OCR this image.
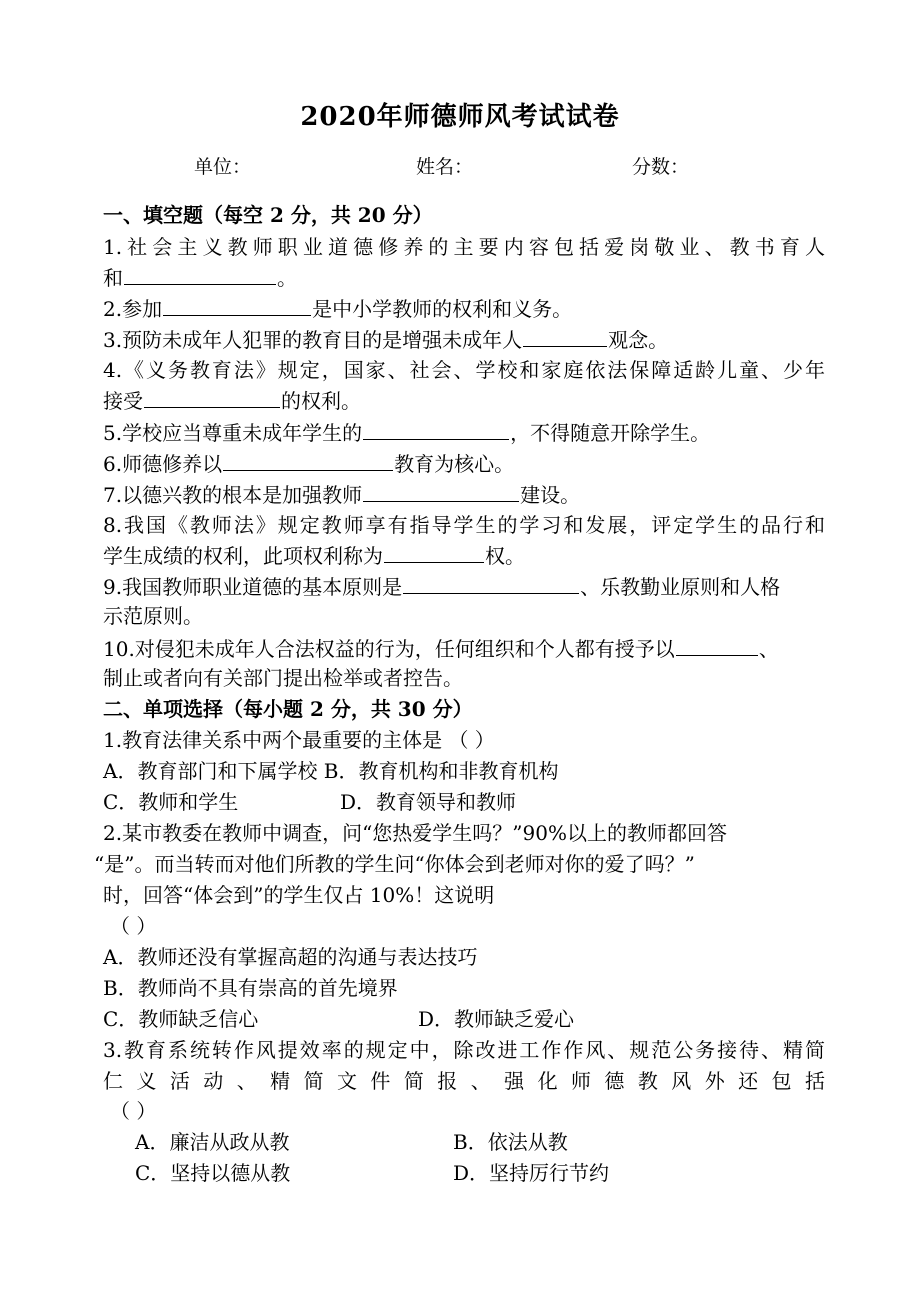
2020年师德师风考试试卷
单位：	姓名：	分数：
一、填空题（每空 2 分，共 20 分）
1.社会主义教师职业道德修养的主要内容包括爱岗敬业、教书育人
和	。
2.参加	是中小学教师的权利和义务。
3.预防未成年人犯罪的教育目的是增强未成年人	观念。
4.《义务教育法》规定，国家、社会、学校和家庭依法保障适龄儿童、少年
接受	的权利。
5.学校应当尊重未成年学生的	，不得随意开除学生。
6.师德修养以	教育为核心。
7.以德兴教的根本是加强教师	建设。
8.我国《教师法》规定教师享有指导学生的学习和发展，评定学生的品行和
学生成绩的权利，此项权利称为	权。
9.我国教师职业道德的基本原则是	、乐教勤业原则和人格
示范原则。
10.对侵犯未成年人合法权益的行为，任何组织和个人都有授予以	、
制止或者向有关部门提出检举或者控告。
二、单项选择（每小题 2 分，共 30 分）
1.教育法律关系中两个最重要的主体是 （ ）
A．教育部门和下属学校 B．教育机构和非教育机构
C．教师和学生	D．教育领导和教师
2.某市教委在教师中调查，问“您热爱学生吗？”90%以上的教师都回答
“是”。而当转而对他们所教的学生问“你体会到老师对你的爱了吗？”
时，回答“体会到”的学生仅占 10%！这说明
（ ）
A．教师还没有掌握高超的沟通与表达技巧
B．教师尚不具有崇高的首先境界
C．教师缺乏信心	D．教师缺乏爱心
3.教育系统转作风提效率的规定中，除改进工作作风、规范公务接待、精简
仁 义 活 动 、 精 简 文 件 简 报 、 强 化 师 德 教 风 外 还 包 括
（ ）
A．廉洁从政从教	B．依法从教
C．坚持以德从教	D．坚持厉行节约
